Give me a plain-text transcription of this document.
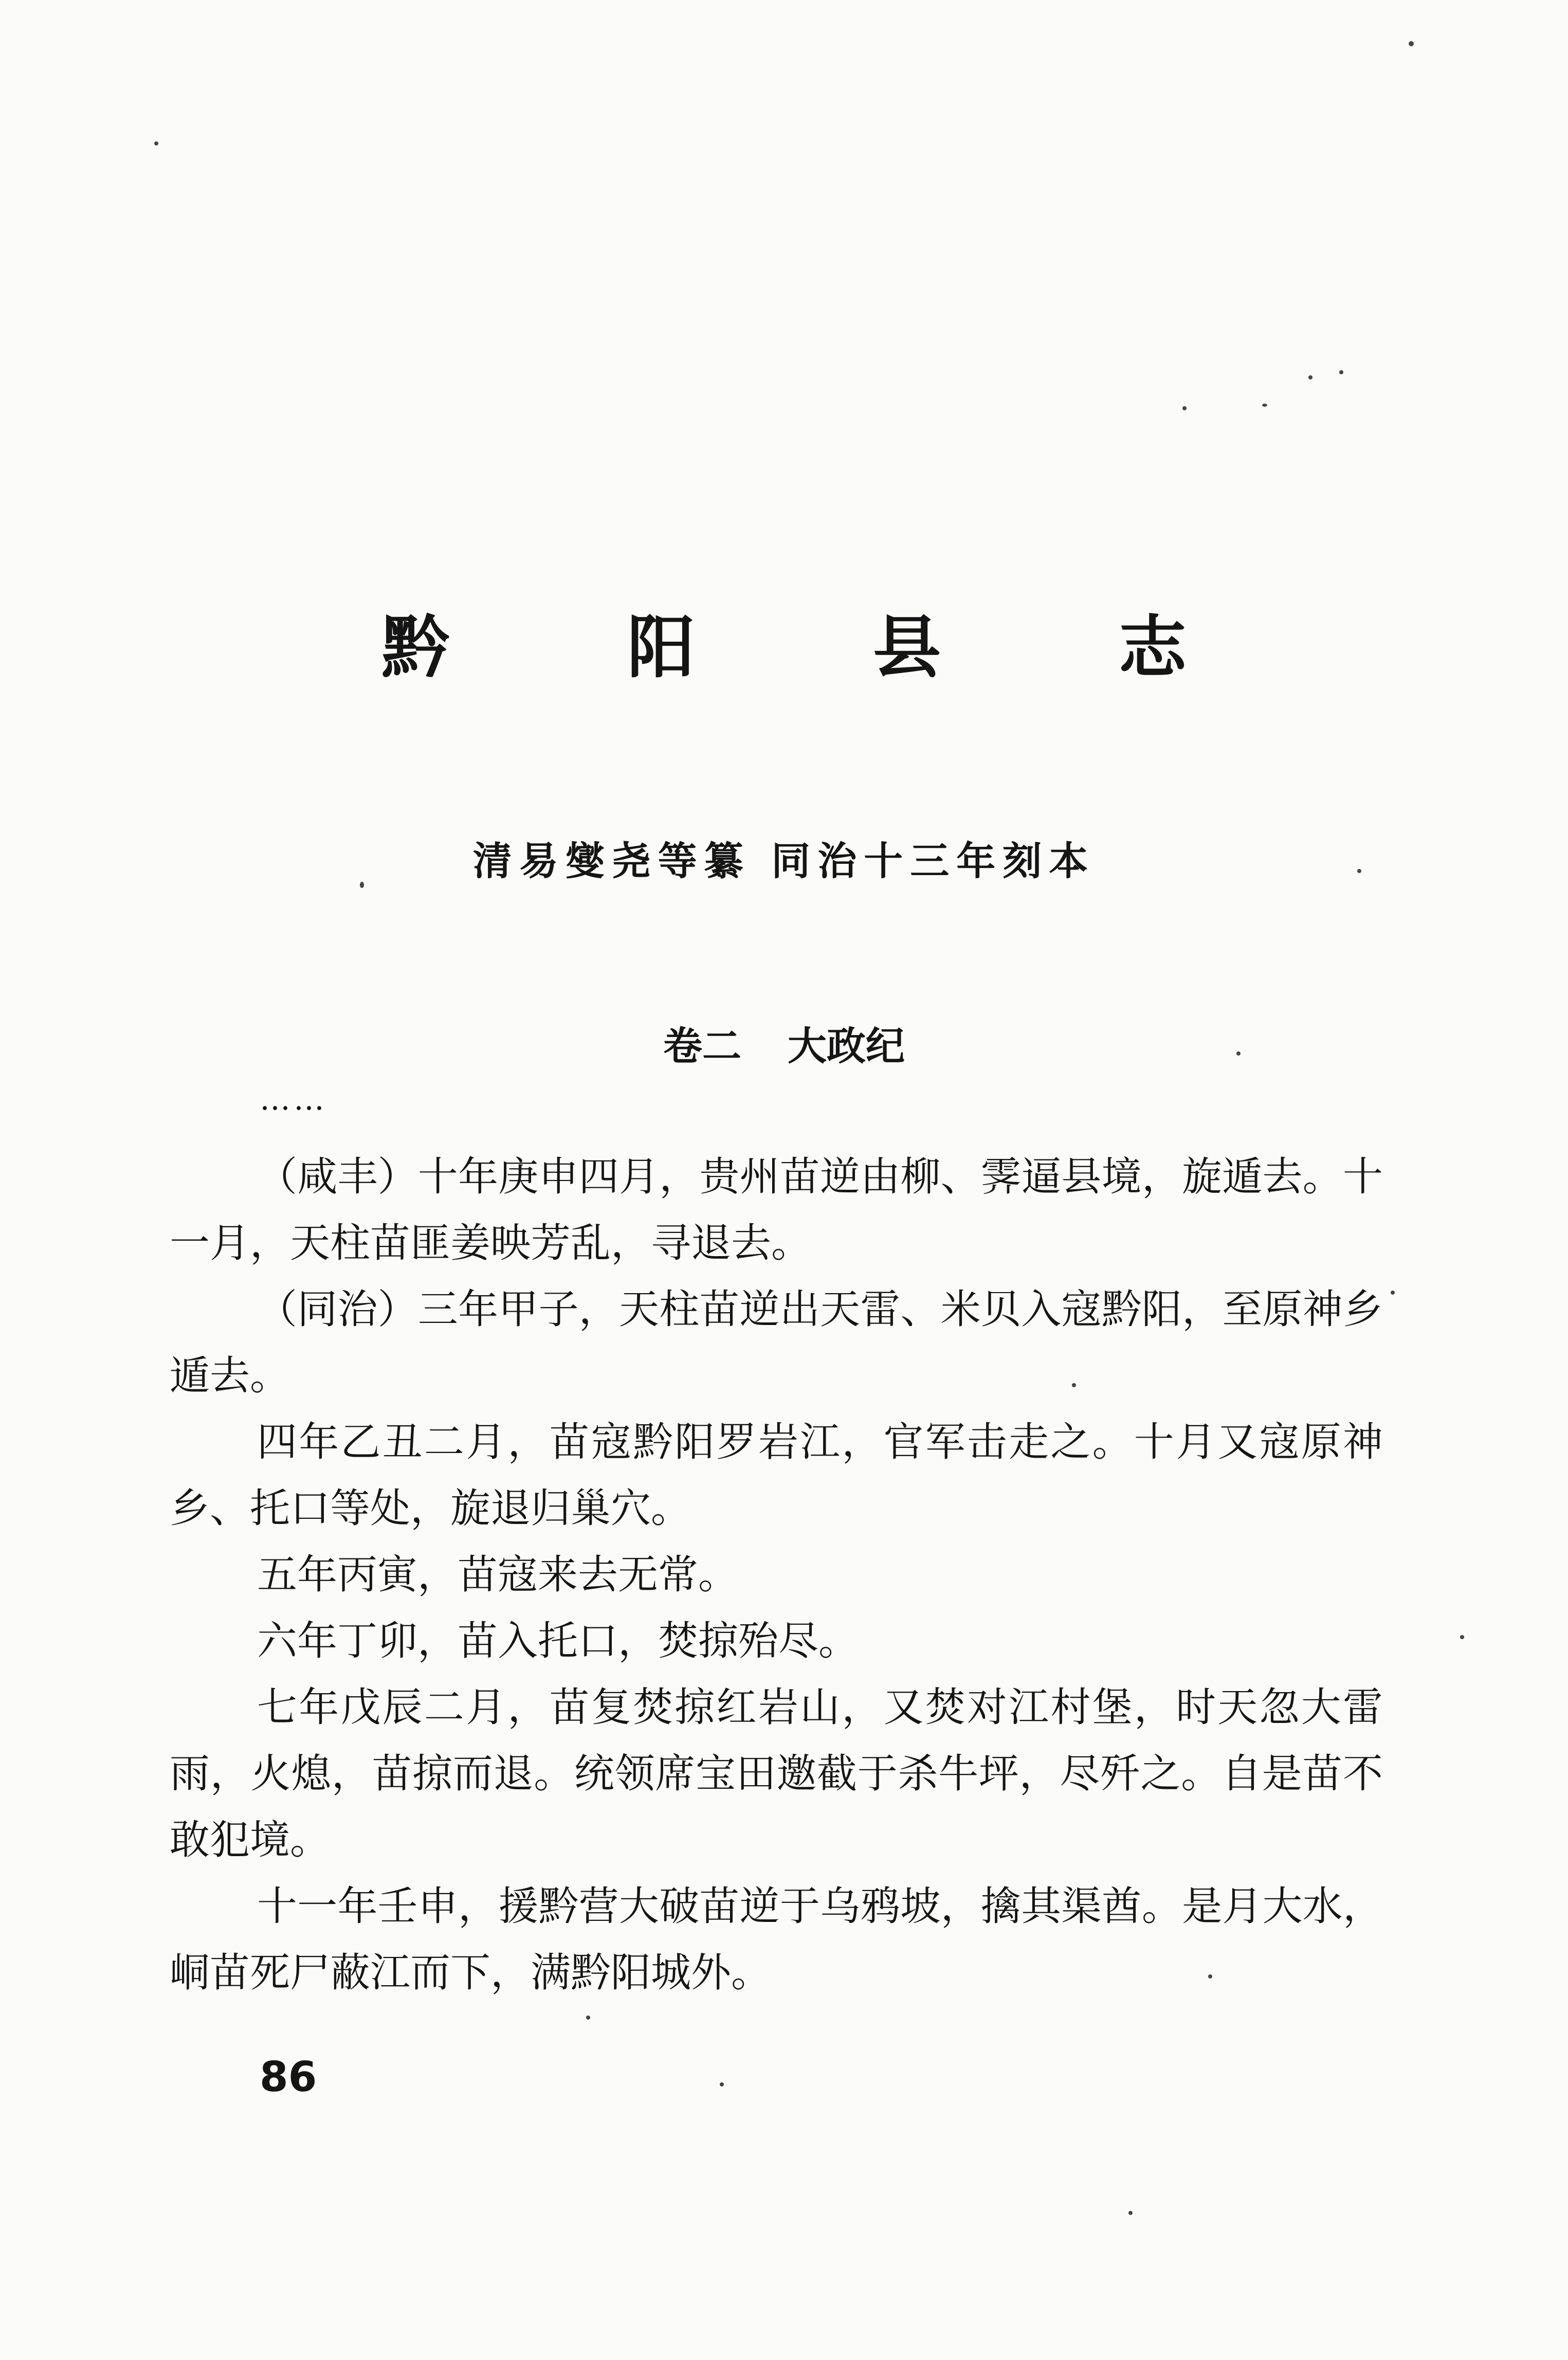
黔 阳 县 志
清易燮尧等纂 同治十三年刻本
卷二 大政纪
……

（咸丰）十年庚申四月，贵州苗逆由柳、霁逼县境，旋遁去。十一月，天柱苗匪姜映芳乱，寻退去。

（同治）三年甲子，天柱苗逆出天雷、米贝入寇黔阳，至原神乡遁去。

四年乙丑二月，苗寇黔阳罗岩江，官军击走之。十月又寇原神乡、托口等处，旋退归巢穴。

五年丙寅，苗寇来去无常。

六年丁卯，苗入托口，焚掠殆尽。

七年戊辰二月，苗复焚掠红岩山，又焚对江村堡，时天忽大雷雨，火熄，苗掠而退。统领席宝田邀截于杀牛坪，尽歼之。自是苗不敢犯境。

十一年壬申，援黔营大破苗逆于乌鸦坡，擒其渠酋。是月大水，峒苗死尸蔽江而下，满黔阳城外。

86
